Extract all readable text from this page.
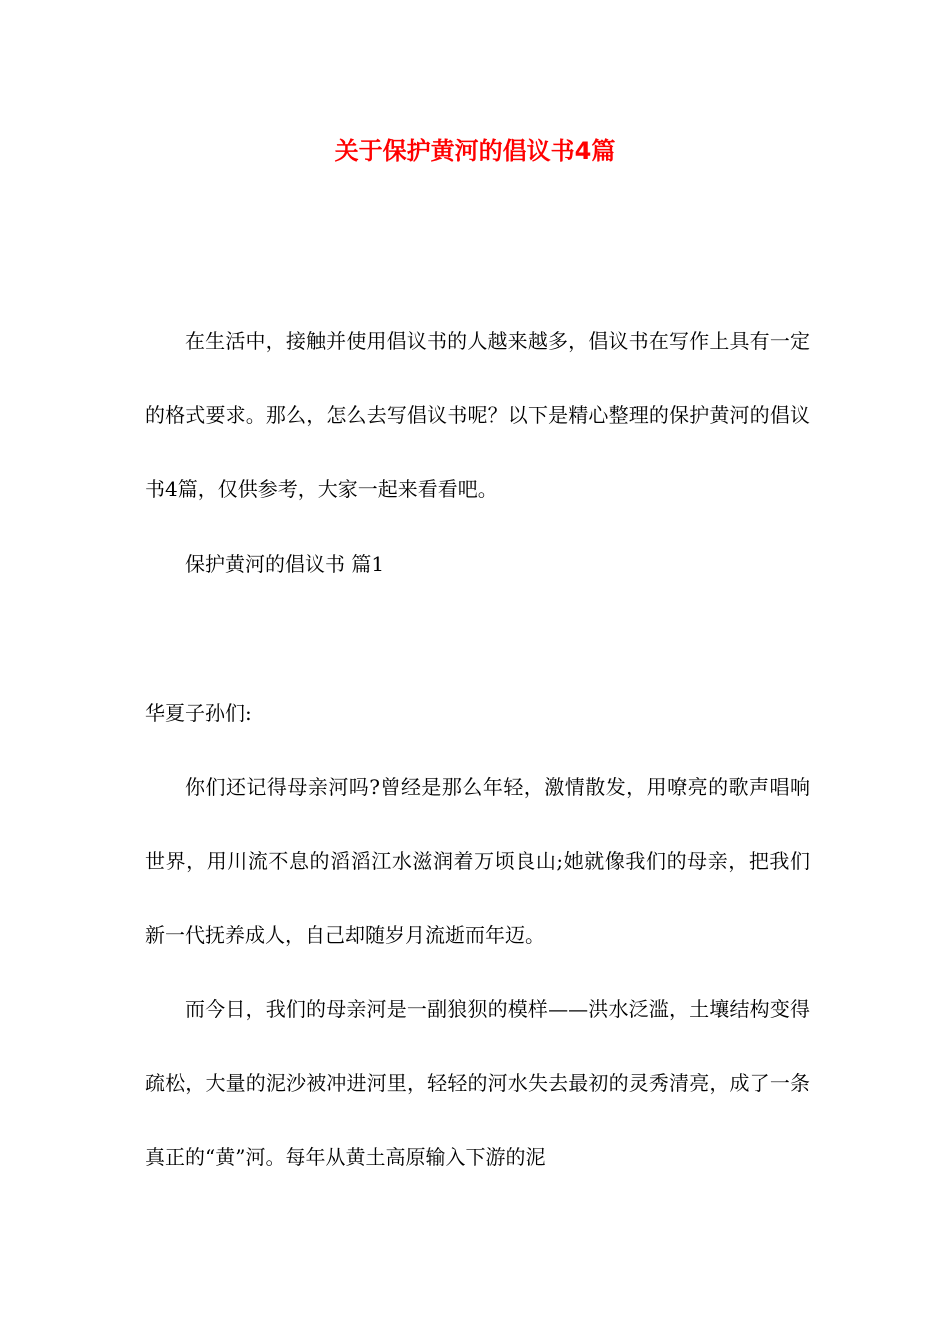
关于保护黄河的倡议书4篇

在生活中，接触并使用倡议书的人越来越多，倡议书在写作上具有一定的格式要求。那么，怎么去写倡议书呢？以下是精心整理的保护黄河的倡议书4篇，仅供参考，大家一起来看看吧。

保护黄河的倡议书 篇1

华夏子孙们:

你们还记得母亲河吗?曾经是那么年轻，激情散发，用嘹亮的歌声唱响世界，用川流不息的滔滔江水滋润着万顷良山;她就像我们的母亲，把我们新一代抚养成人，自己却随岁月流逝而年迈。

而今日，我们的母亲河是一副狼狈的模样——洪水泛滥，土壤结构变得疏松，大量的泥沙被冲进河里，轻轻的河水失去最初的灵秀清亮，成了一条真正的“黄”河。每年从黄土高原输入下游的泥
